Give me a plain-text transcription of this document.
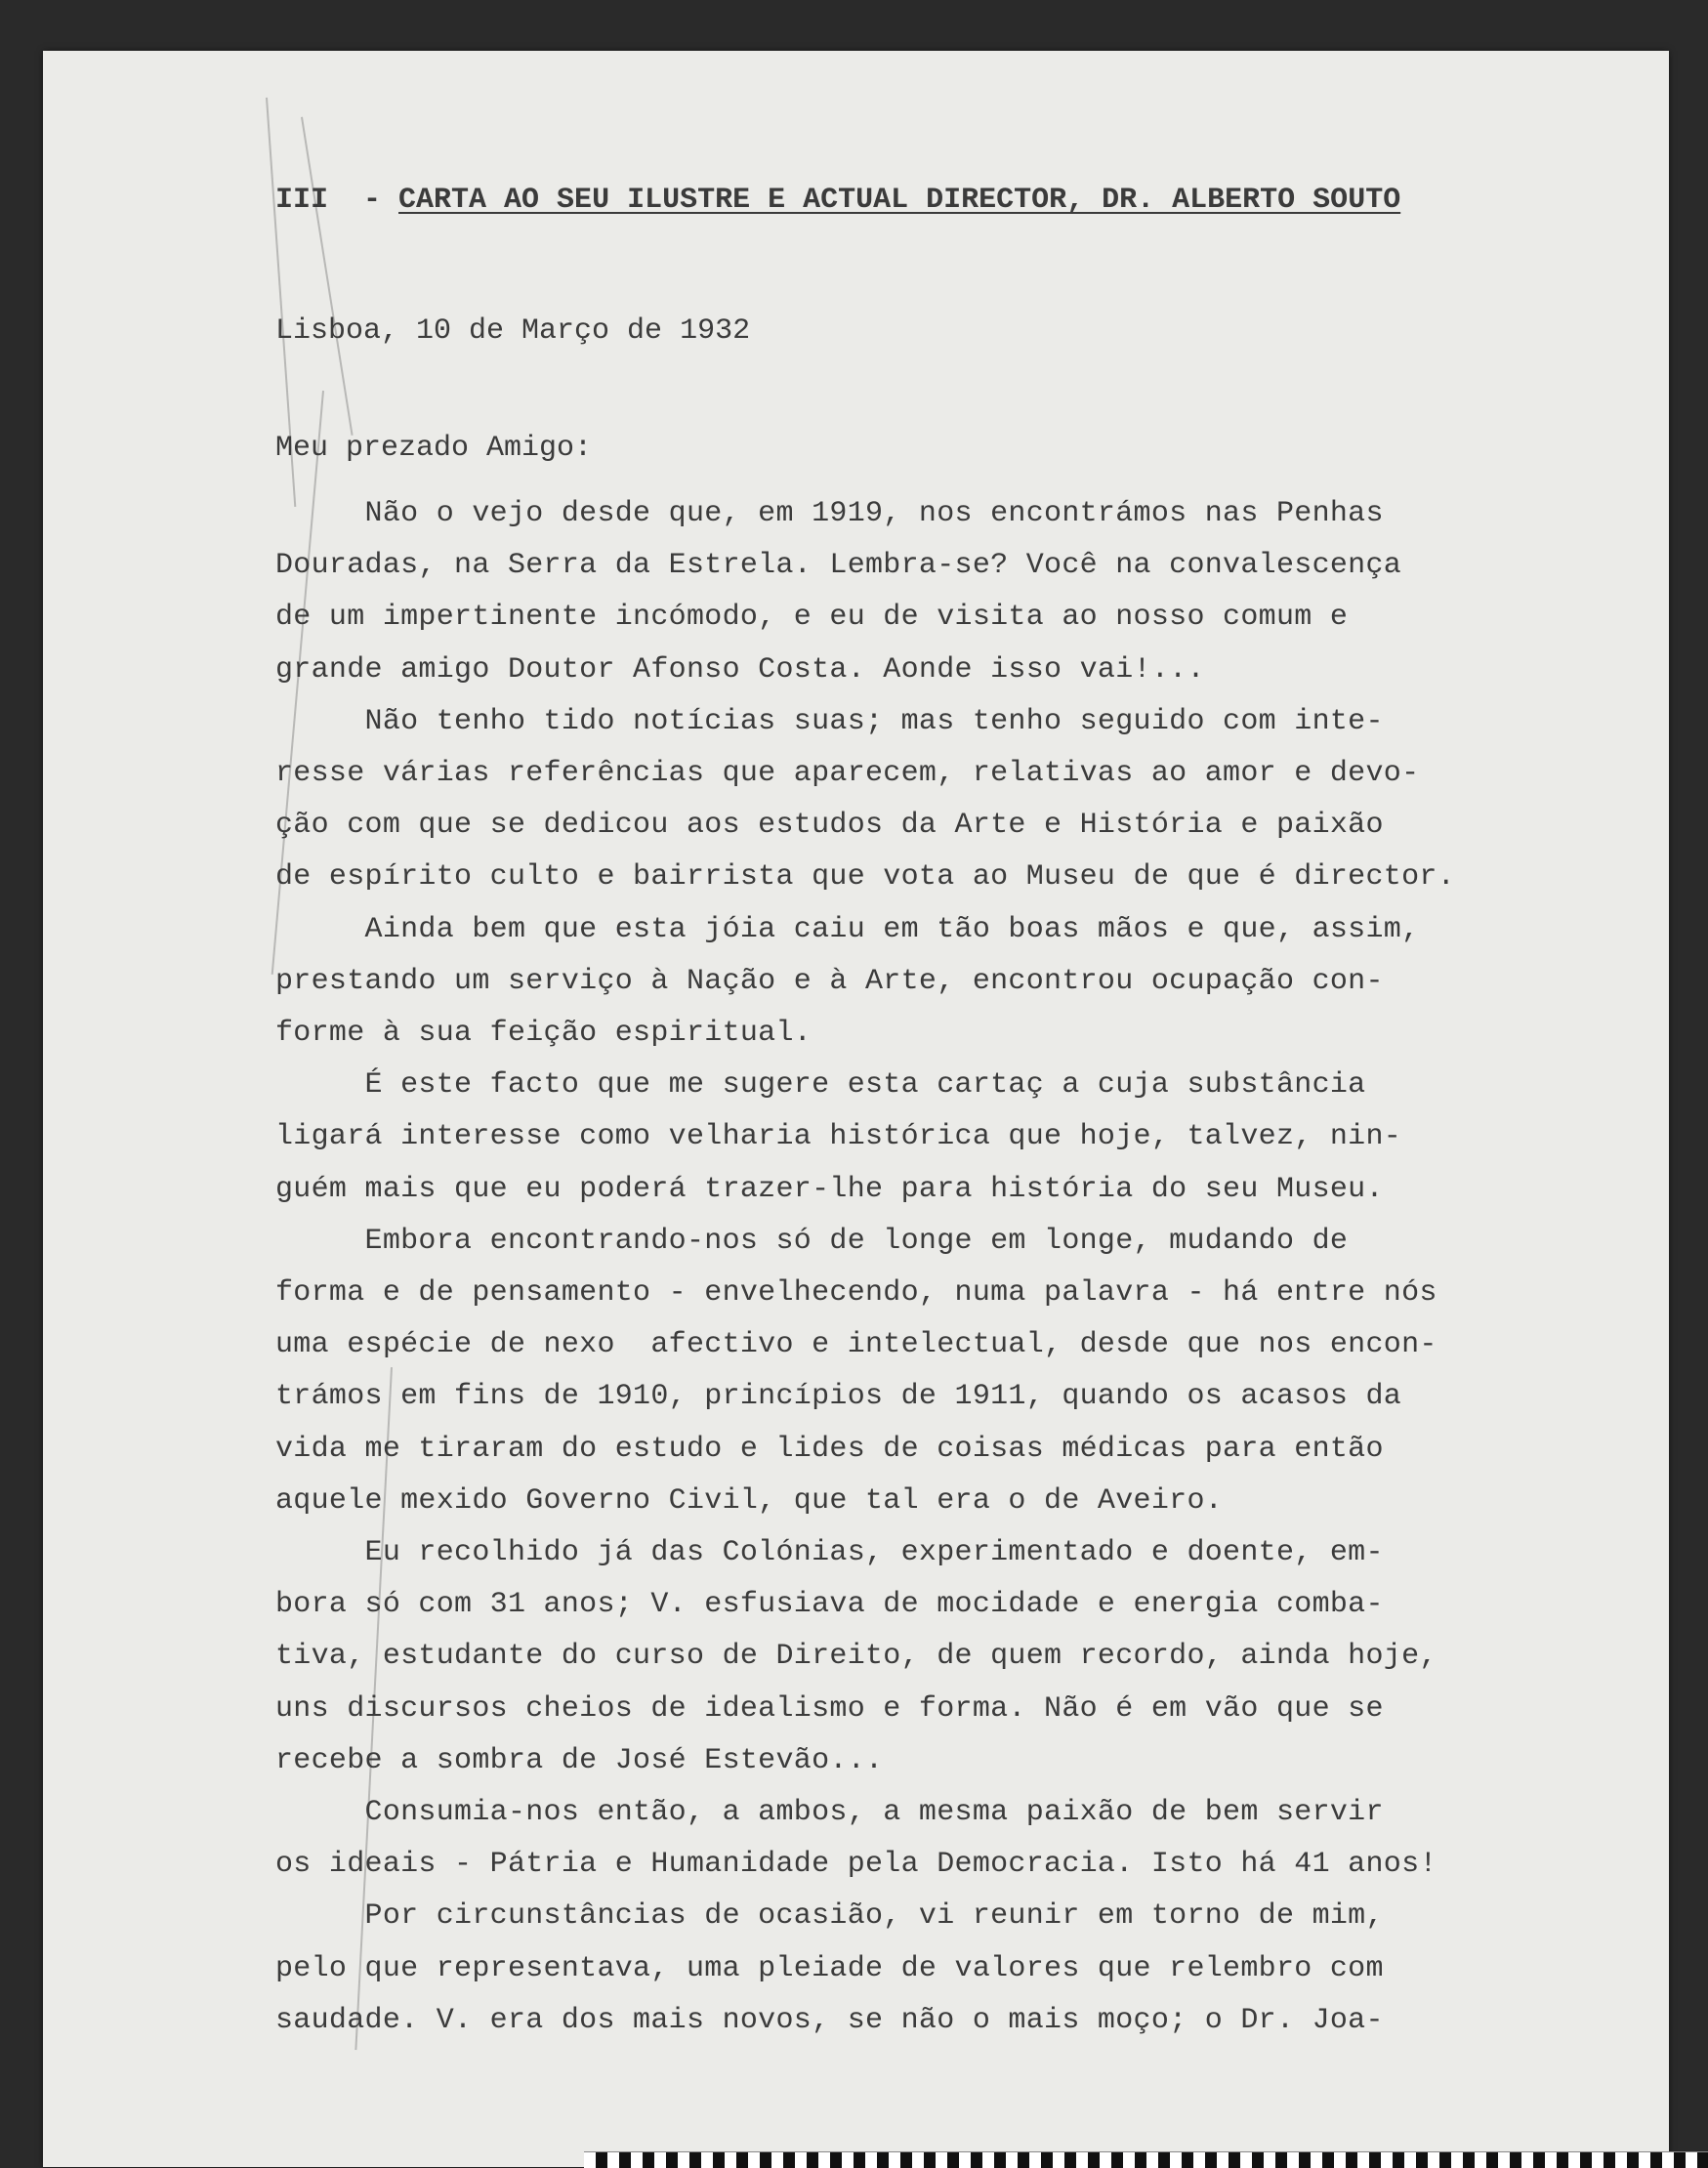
III  - CARTA AO SEU ILUSTRE E ACTUAL DIRECTOR, DR. ALBERTO SOUTO
Lisboa, 10 de Março de 1932
Meu prezado Amigo:
Não o vejo desde que, em 1919, nos encontrámos nas Penhas
Douradas, na Serra da Estrela. Lembra-se? Você na convalescença
de um impertinente incómodo, e eu de visita ao nosso comum e
grande amigo Doutor Afonso Costa. Aonde isso vai!...
Não tenho tido notícias suas; mas tenho seguido com inte-
resse várias referências que aparecem, relativas ao amor e devo-
ção com que se dedicou aos estudos da Arte e História e paixão
de espírito culto e bairrista que vota ao Museu de que é director.
Ainda bem que esta jóia caiu em tão boas mãos e que, assim,
prestando um serviço à Nação e à Arte, encontrou ocupação con-
forme à sua feição espiritual.
É este facto que me sugere esta cartaç a cuja substância
ligará interesse como velharia histórica que hoje, talvez, nin-
guém mais que eu poderá trazer-lhe para história do seu Museu.
Embora encontrando-nos só de longe em longe, mudando de
forma e de pensamento - envelhecendo, numa palavra - há entre nós
uma espécie de nexo  afectivo e intelectual, desde que nos encon-
trámos em fins de 1910, princípios de 1911, quando os acasos da
vida me tiraram do estudo e lides de coisas médicas para então
aquele mexido Governo Civil, que tal era o de Aveiro.
Eu recolhido já das Colónias, experimentado e doente, em-
bora só com 31 anos; V. esfusiava de mocidade e energia comba-
tiva, estudante do curso de Direito, de quem recordo, ainda hoje,
uns discursos cheios de idealismo e forma. Não é em vão que se
recebe a sombra de José Estevão...
Consumia-nos então, a ambos, a mesma paixão de bem servir
os ideais - Pátria e Humanidade pela Democracia. Isto há 41 anos!
Por circunstâncias de ocasião, vi reunir em torno de mim,
pelo que representava, uma pleiade de valores que relembro com
saudade. V. era dos mais novos, se não o mais moço; o Dr. Joa-
